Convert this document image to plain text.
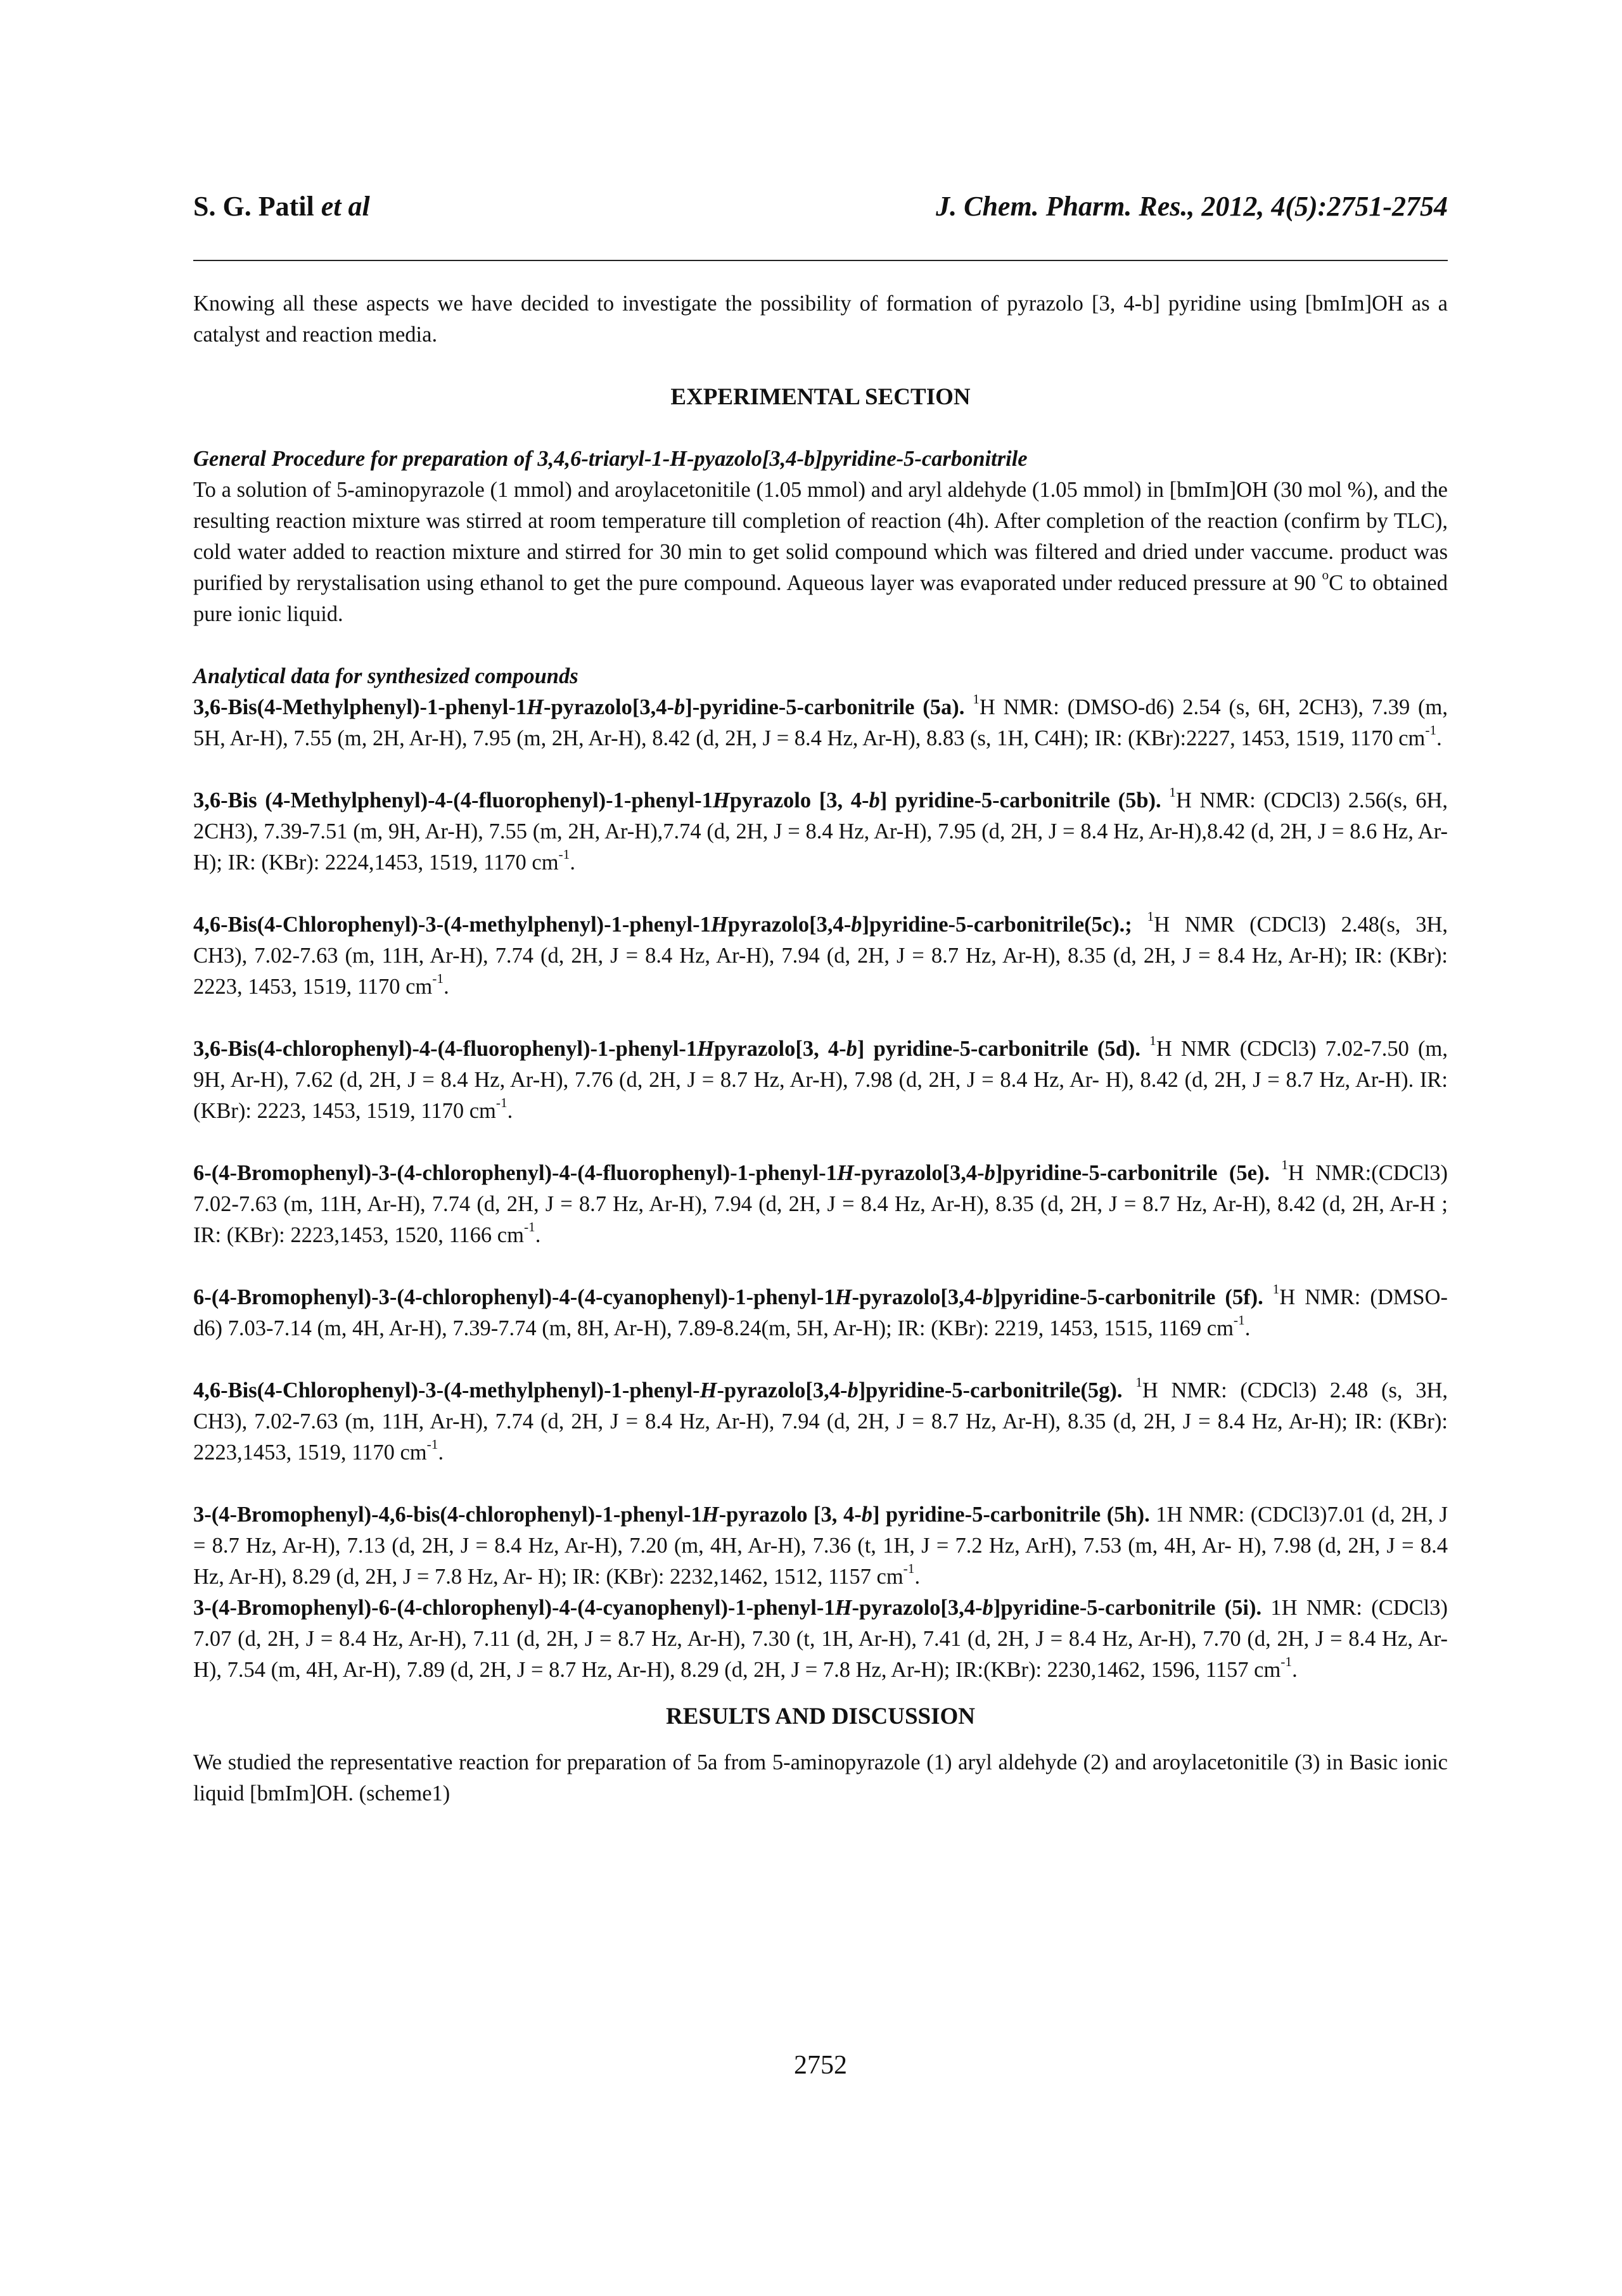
S. G. Patil et al	J. Chem. Pharm. Res., 2012, 4(5):2751-2754

Knowing all these aspects we have decided to investigate the possibility of formation of pyrazolo [3, 4-b] pyridine using [bmIm]OH as a catalyst and reaction media.

EXPERIMENTAL SECTION

General Procedure for preparation of 3,4,6-triaryl-1-H-pyazolo[3,4-b]pyridine-5-carbonitrile

To a solution of 5-aminopyrazole (1 mmol) and aroylacetonitile (1.05 mmol) and aryl aldehyde (1.05 mmol) in [bmIm]OH (30 mol %), and the resulting reaction mixture was stirred at room temperature till completion of reaction (4h). After completion of the reaction (confirm by TLC), cold water added to reaction mixture and stirred for 30 min to get solid compound which was filtered and dried under vaccume. product was purified by rerystalisation using ethanol to get the pure compound. Aqueous layer was evaporated under reduced pressure at 90 $^o$C to obtained pure ionic liquid.

Analytical data for synthesized compounds

3,6-Bis(4-Methylphenyl)-1-phenyl-1H-pyrazolo[3,4-b]-pyridine-5-carbonitrile (5a). $^1$H NMR: (DMSO-d6) 2.54 (s, 6H, 2CH3), 7.39 (m, 5H, Ar-H), 7.55 (m, 2H, Ar-H), 7.95 (m, 2H, Ar-H), 8.42 (d, 2H, J = 8.4 Hz, Ar-H), 8.83 (s, 1H, C4H); IR: (KBr):2227, 1453, 1519, 1170 $cm^{-1}$.

3,6-Bis (4-Methylphenyl)-4-(4-fluorophenyl)-1-phenyl-1Hpyrazolo [3, 4-b] pyridine-5-carbonitrile (5b). $^1$H NMR: (CDCl3) 2.56(s, 6H, 2CH3), 7.39-7.51 (m, 9H, Ar-H), 7.55 (m, 2H, Ar-H),7.74 (d, 2H, J = 8.4 Hz, Ar-H), 7.95 (d, 2H, J = 8.4 Hz, Ar-H),8.42 (d, 2H, J = 8.6 Hz, Ar-H); IR: (KBr): 2224,1453, 1519, 1170 $cm^{-1}$.

4,6-Bis(4-Chlorophenyl)-3-(4-methylphenyl)-1-phenyl-1Hpyrazolo[3,4-b]pyridine-5-carbonitrile(5c).; $^1$H NMR (CDCl3) 2.48(s, 3H, CH3), 7.02-7.63 (m, 11H, Ar-H), 7.74 (d, 2H, J = 8.4 Hz, Ar-H), 7.94 (d, 2H, J = 8.7 Hz, Ar-H), 8.35 (d, 2H, J = 8.4 Hz, Ar-H); IR: (KBr): 2223, 1453, 1519, 1170 $cm^{-1}$.

3,6-Bis(4-chlorophenyl)-4-(4-fluorophenyl)-1-phenyl-1Hpyrazolo[3, 4-b] pyridine-5-carbonitrile (5d). $^1$H NMR (CDCl3) 7.02-7.50 (m, 9H, Ar-H), 7.62 (d, 2H, J = 8.4 Hz, Ar-H), 7.76 (d, 2H, J = 8.7 Hz, Ar-H), 7.98 (d, 2H, J = 8.4 Hz, Ar- H), 8.42 (d, 2H, J = 8.7 Hz, Ar-H). IR: (KBr): 2223, 1453, 1519, 1170 $cm^{-1}$.

6-(4-Bromophenyl)-3-(4-chlorophenyl)-4-(4-fluorophenyl)-1-phenyl-1H-pyrazolo[3,4-b]pyridine-5-carbonitrile (5e). $^1$H NMR:(CDCl3) 7.02-7.63 (m, 11H, Ar-H), 7.74 (d, 2H, J = 8.7 Hz, Ar-H), 7.94 (d, 2H, J = 8.4 Hz, Ar-H), 8.35 (d, 2H, J = 8.7 Hz, Ar-H), 8.42 (d, 2H, Ar-H ; IR: (KBr): 2223,1453, 1520, 1166 $cm^{-1}$.

6-(4-Bromophenyl)-3-(4-chlorophenyl)-4-(4-cyanophenyl)-1-phenyl-1H-pyrazolo[3,4-b]pyridine-5-carbonitrile (5f). $^1$H NMR: (DMSO-d6) 7.03-7.14 (m, 4H, Ar-H), 7.39-7.74 (m, 8H, Ar-H), 7.89-8.24(m, 5H, Ar-H); IR: (KBr): 2219, 1453, 1515, 1169 $cm^{-1}$.

4,6-Bis(4-Chlorophenyl)-3-(4-methylphenyl)-1-phenyl-H-pyrazolo[3,4-b]pyridine-5-carbonitrile(5g). $^1$H NMR: (CDCl3) 2.48 (s, 3H, CH3), 7.02-7.63 (m, 11H, Ar-H), 7.74 (d, 2H, J = 8.4 Hz, Ar-H), 7.94 (d, 2H, J = 8.7 Hz, Ar-H), 8.35 (d, 2H, J = 8.4 Hz, Ar-H); IR: (KBr): 2223,1453, 1519, 1170 $cm^{-1}$.

3-(4-Bromophenyl)-4,6-bis(4-chlorophenyl)-1-phenyl-1H-pyrazolo [3, 4-b] pyridine-5-carbonitrile (5h). 1H NMR: (CDCl3)7.01 (d, 2H, J = 8.7 Hz, Ar-H), 7.13 (d, 2H, J = 8.4 Hz, Ar-H), 7.20 (m, 4H, Ar-H), 7.36 (t, 1H, J = 7.2 Hz, ArH), 7.53 (m, 4H, Ar- H), 7.98 (d, 2H, J = 8.4 Hz, Ar-H), 8.29 (d, 2H, J = 7.8 Hz, Ar- H); IR: (KBr): 2232,1462, 1512, 1157 $cm^{-1}$.

3-(4-Bromophenyl)-6-(4-chlorophenyl)-4-(4-cyanophenyl)-1-phenyl-1H-pyrazolo[3,4-b]pyridine-5-carbonitrile (5i). 1H NMR: (CDCl3) 7.07 (d, 2H, J = 8.4 Hz, Ar-H), 7.11 (d, 2H, J = 8.7 Hz, Ar-H), 7.30 (t, 1H, Ar-H), 7.41 (d, 2H, J = 8.4 Hz, Ar-H), 7.70 (d, 2H, J = 8.4 Hz, Ar-H), 7.54 (m, 4H, Ar-H), 7.89 (d, 2H, J = 8.7 Hz, Ar-H), 8.29 (d, 2H, J = 7.8 Hz, Ar-H); IR:(KBr): 2230,1462, 1596, 1157 $cm^{-1}$.

RESULTS AND DISCUSSION

We studied the representative reaction for preparation of 5a from 5-aminopyrazole (1) aryl aldehyde (2) and aroylacetonitile (3) in Basic ionic liquid [bmIm]OH. (scheme1)

2752
